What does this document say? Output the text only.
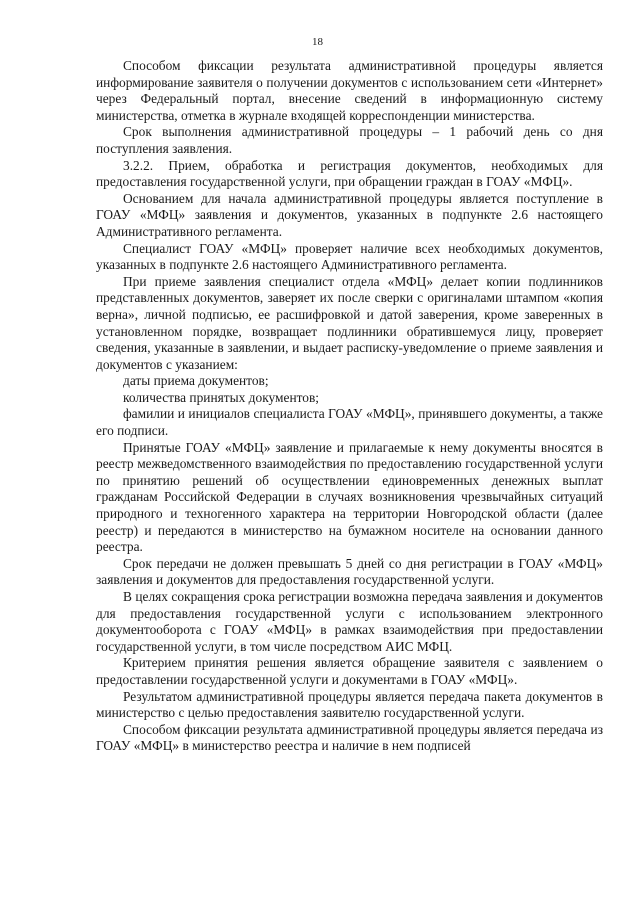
18

Способом фиксации результата административной процедуры является информирование заявителя о получении документов с использованием сети «Интернет» через Федеральный портал, внесение сведений в информационную систему министерства, отметка в журнале входящей корреспонденции министерства.

Срок выполнения административной процедуры – 1 рабочий день со дня поступления заявления.

3.2.2. Прием, обработка и регистрация документов, необходимых для предоставления государственной услуги, при обращении граждан в ГОАУ «МФЦ».

Основанием для начала административной процедуры является поступление в ГОАУ «МФЦ» заявления и документов, указанных в подпункте 2.6 настоящего Административного регламента.

Специалист ГОАУ «МФЦ» проверяет наличие всех необходимых документов, указанных в подпункте 2.6 настоящего Административного регламента.

При приеме заявления специалист отдела «МФЦ» делает копии подлинников представленных документов, заверяет их после сверки с оригиналами штампом «копия верна», личной подписью, ее расшифровкой и датой заверения, кроме заверенных в установленном порядке, возвращает подлинники обратившемуся лицу, проверяет сведения, указанные в заявлении, и выдает расписку-уведомление о приеме заявления и документов с указанием:

даты приема документов;

количества принятых документов;

фамилии и инициалов специалиста ГОАУ «МФЦ», принявшего документы, а также его подписи.

Принятые ГОАУ «МФЦ» заявление и прилагаемые к нему документы вносятся в реестр межведомственного взаимодействия по предоставлению государственной услуги по принятию решений об осуществлении единовременных денежных выплат гражданам Российской Федерации в случаях возникновения чрезвычайных ситуаций природного и техногенного характера на территории Новгородской области (далее реестр) и передаются в министерство на бумажном носителе на основании данного реестра.

Срок передачи не должен превышать 5 дней со дня регистрации в ГОАУ «МФЦ» заявления и документов для предоставления государственной услуги.

В целях сокращения срока регистрации возможна передача заявления и документов для предоставления государственной услуги с использованием электронного документооборота с ГОАУ «МФЦ» в рамках взаимодействия при предоставлении государственной услуги, в том числе посредством АИС МФЦ.

Критерием принятия решения является обращение заявителя с заявлением о предоставлении государственной услуги и документами в ГОАУ «МФЦ».

Результатом административной процедуры является передача пакета документов в министерство с целью предоставления заявителю государственной услуги.

Способом фиксации результата административной процедуры является передача из ГОАУ «МФЦ» в министерство реестра и наличие в нем подписей
